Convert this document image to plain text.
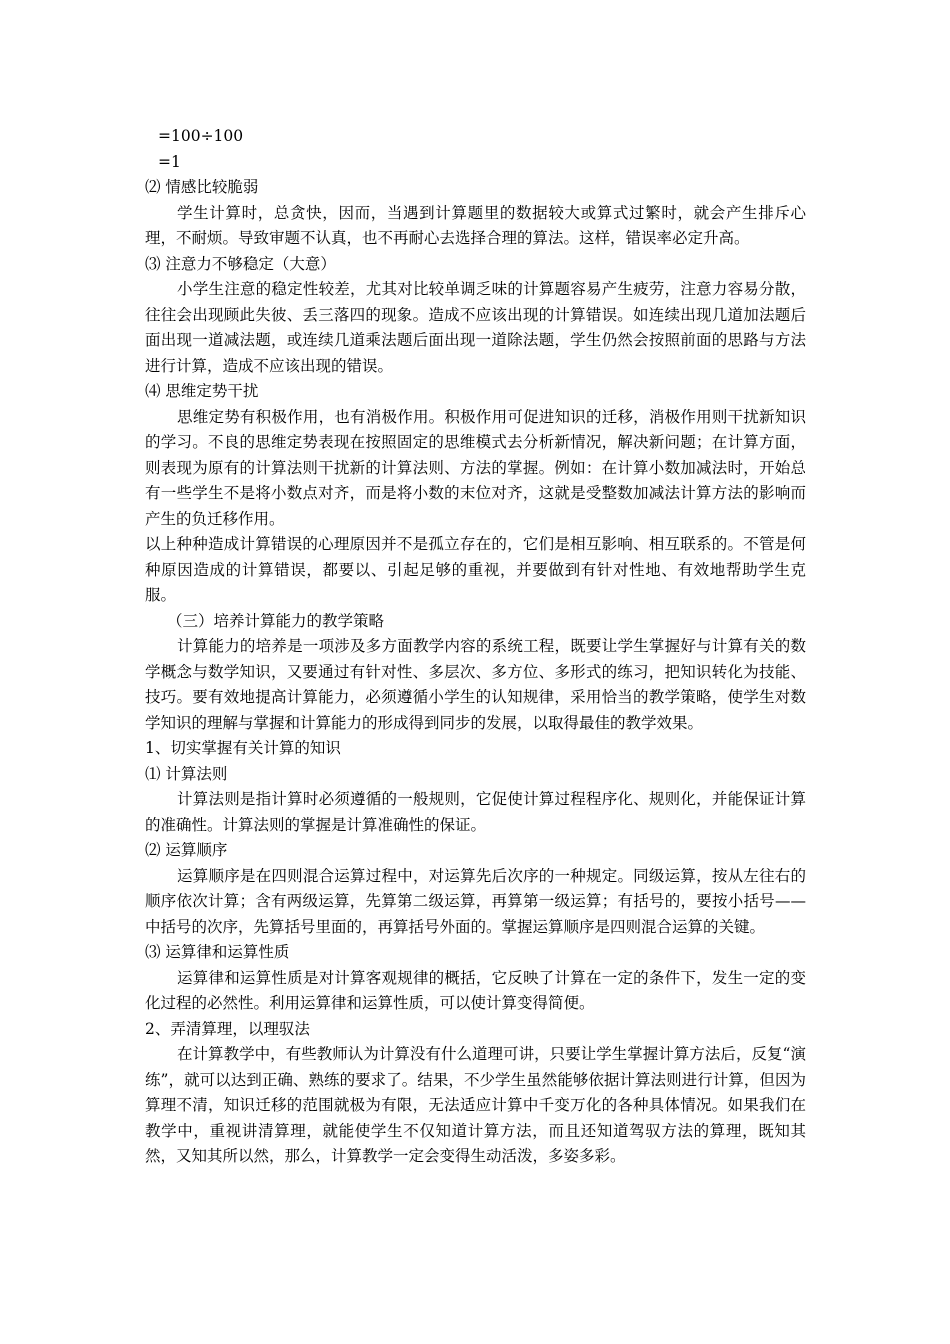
=100÷100

=1

⑵ 情感比较脆弱

学生计算时，总贪快，因而，当遇到计算题里的数据较大或算式过繁时，就会产生排斥心理，不耐烦。导致审题不认真，也不再耐心去选择合理的算法。这样，错误率必定升高。

⑶ 注意力不够稳定（大意）

小学生注意的稳定性较差，尤其对比较单调乏味的计算题容易产生疲劳，注意力容易分散，往往会出现顾此失彼、丢三落四的现象。造成不应该出现的计算错误。如连续出现几道加法题后面出现一道减法题，或连续几道乘法题后面出现一道除法题，学生仍然会按照前面的思路与方法进行计算，造成不应该出现的错误。

⑷ 思维定势干扰

思维定势有积极作用，也有消极作用。积极作用可促进知识的迁移，消极作用则干扰新知识的学习。不良的思维定势表现在按照固定的思维模式去分析新情况，解决新问题；在计算方面，则表现为原有的计算法则干扰新的计算法则、方法的掌握。例如：在计算小数加减法时，开始总有一些学生不是将小数点对齐，而是将小数的末位对齐，这就是受整数加减法计算方法的影响而产生的负迁移作用。

以上种种造成计算错误的心理原因并不是孤立存在的，它们是相互影响、相互联系的。不管是何种原因造成的计算错误，都要以、引起足够的重视，并要做到有针对性地、有效地帮助学生克服。

（三）培养计算能力的教学策略

计算能力的培养是一项涉及多方面教学内容的系统工程，既要让学生掌握好与计算有关的数学概念与数学知识，又要通过有针对性、多层次、多方位、多形式的练习，把知识转化为技能、技巧。要有效地提高计算能力，必须遵循小学生的认知规律，采用恰当的教学策略，使学生对数学知识的理解与掌握和计算能力的形成得到同步的发展，以取得最佳的教学效果。

1、切实掌握有关计算的知识

⑴ 计算法则

计算法则是指计算时必须遵循的一般规则，它促使计算过程程序化、规则化，并能保证计算的准确性。计算法则的掌握是计算准确性的保证。

⑵ 运算顺序

运算顺序是在四则混合运算过程中，对运算先后次序的一种规定。同级运算，按从左往右的顺序依次计算；含有两级运算，先算第二级运算，再算第一级运算；有括号的，要按小括号——中括号的次序，先算括号里面的，再算括号外面的。掌握运算顺序是四则混合运算的关键。

⑶ 运算律和运算性质

运算律和运算性质是对计算客观规律的概括，它反映了计算在一定的条件下，发生一定的变化过程的必然性。利用运算律和运算性质，可以使计算变得简便。

2、弄清算理，以理驭法

在计算教学中，有些教师认为计算没有什么道理可讲，只要让学生掌握计算方法后，反复“演练”，就可以达到正确、熟练的要求了。结果，不少学生虽然能够依据计算法则进行计算，但因为算理不清，知识迁移的范围就极为有限，无法适应计算中千变万化的各种具体情况。如果我们在教学中，重视讲清算理，就能使学生不仅知道计算方法，而且还知道驾驭方法的算理，既知其然，又知其所以然，那么，计算教学一定会变得生动活泼，多姿多彩。
